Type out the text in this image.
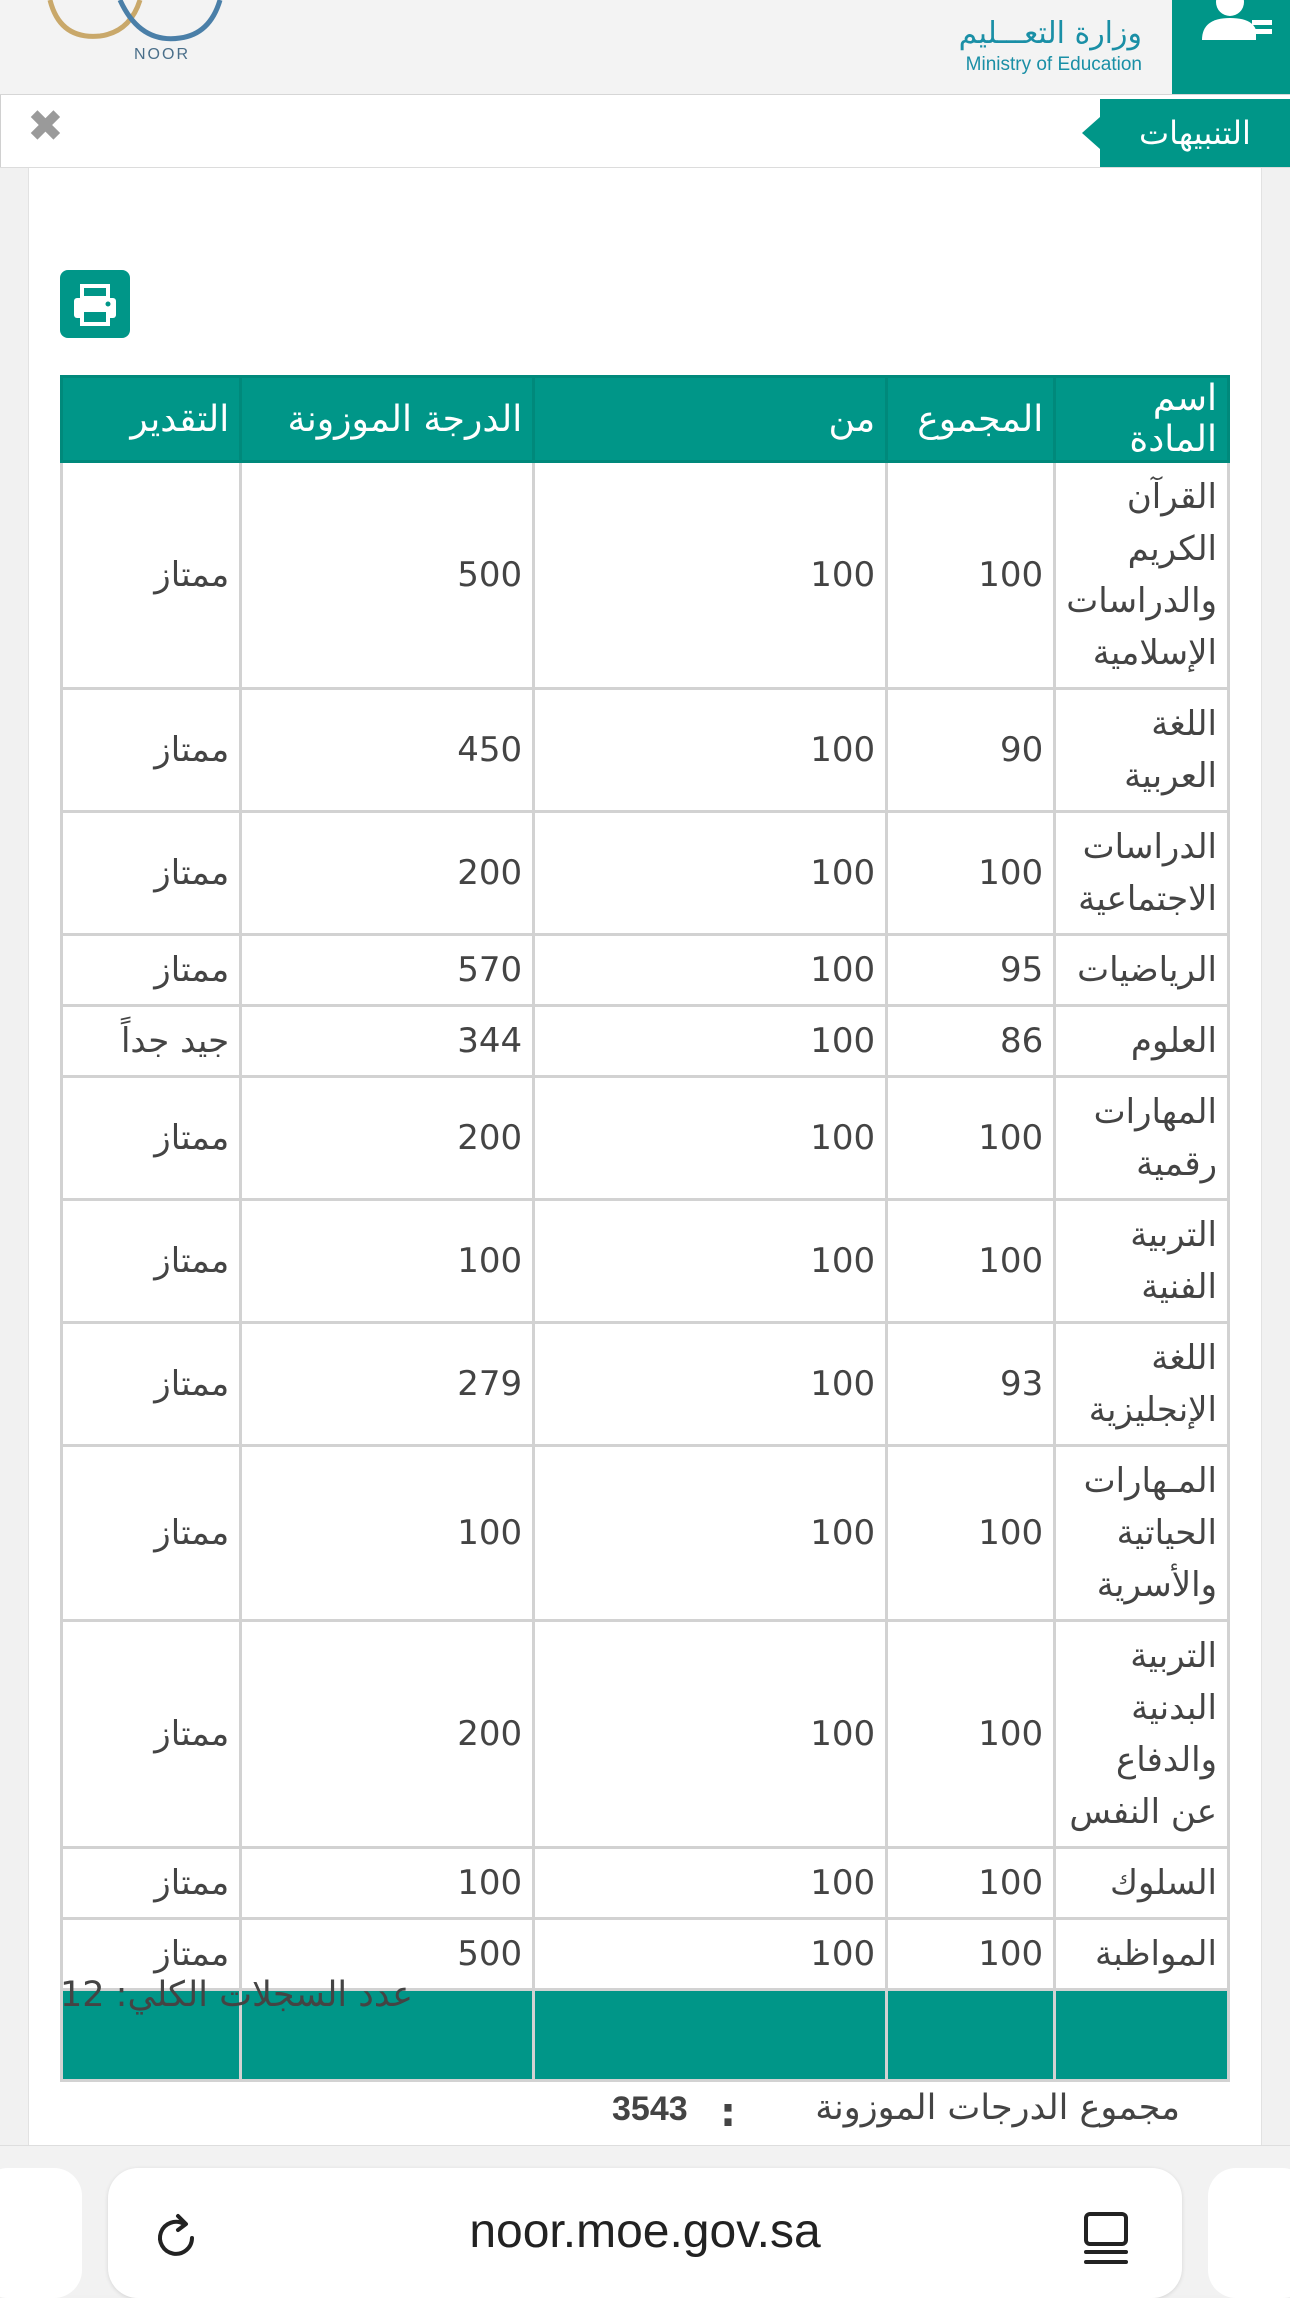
وزارة التعـــليم
Ministry of Education
NOOR
التنبيهات
✖
اسم المادة	المجموع	من	الدرجة الموزونة	التقدير
القرآن الكريم والدراسات الإسلامية	100	100	500	ممتاز
اللغة العربية	90	100	450	ممتاز
الدراسات الاجتماعية	100	100	200	ممتاز
الرياضيات	95	100	570	ممتاز
العلوم	86	100	344	جيد جداً
المهارات رقمية	100	100	200	ممتاز
التربية الفنية	100	100	100	ممتاز
اللغة الإنجليزية	93	100	279	ممتاز
المـهارات الحياتية والأسرية	100	100	100	ممتاز
التربية البدنية والدفاع عن النفس	100	100	200	ممتاز
السلوك	100	100	100	ممتاز
المواظبة	100	100	500	ممتاز

عدد السجلات الكلي: 12
مجموع الدرجات الموزونة
:
3543
noor.moe.gov.sa
